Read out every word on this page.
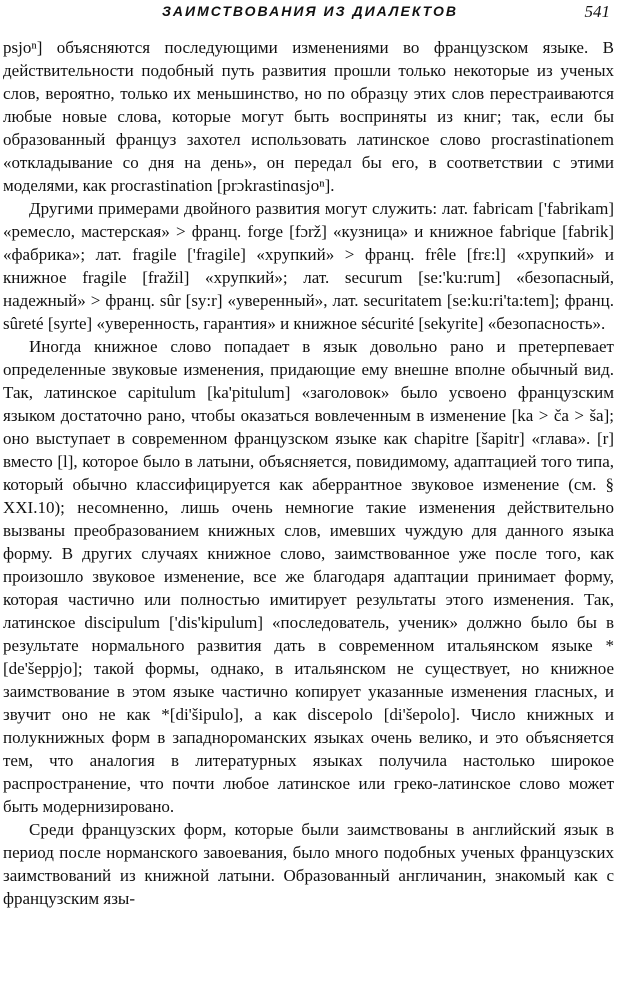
ЗАИМСТВОВАНИЯ ИЗ ДИАЛЕКТОВ	541

psjoⁿ] объясняются последующими изменениями во французском языке. В действительности подобный путь развития прошли только некоторые из ученых слов, вероятно, только их меньшинство, но по образцу этих слов перестраиваются любые новые слова, которые могут быть восприняты из книг; так, если бы образованный француз захотел использовать латинское слово procrastinationem «откладывание со дня на день», он передал бы его, в соответствии с этими моделями, как procrastination [prɔkrastinɑsjoⁿ].

Другими примерами двойного развития могут служить: лат. fabricam ['fabrikam] «ремесло, мастерская» > франц. forge [fɔrž] «кузница» и книжное fabrique [fabrik] «фабрика»; лат. fragile ['fragile] «хрупкий» > франц. frêle [frɛ:l] «хрупкий» и книжное fragile [fražil] «хрупкий»; лат. securum [se:'ku:rum] «безопасный, надежный» > франц. sûr [sy:r] «уверенный», лат. securitatem [se:ku:ri'ta:tem]; франц. sûreté [syrte] «уверенность, гарантия» и книжное sécurité [sekyrite] «безопасность».

Иногда книжное слово попадает в язык довольно рано и претерпевает определенные звуковые изменения, придающие ему внешне вполне обычный вид. Так, латинское capitulum [ka'pitulum] «заголовок» было усвоено французским языком достаточно рано, чтобы оказаться вовлеченным в изменение [ka > ča > šа]; оно выступает в современном французском языке как chapitre [šapitr] «глава». [r] вместо [l], которое было в латыни, объясняется, повидимому, адаптацией того типа, который обычно классифицируется как аберрантное звуковое изменение (см. § XXI.10); несомненно, лишь очень немногие такие изменения действительно вызваны преобразованием книжных слов, имевших чуждую для данного языка форму. В других случаях книжное слово, заимствованное уже после того, как произошло звуковое изменение, все же благодаря адаптации принимает форму, которая частично или полностью имитирует результаты этого изменения. Так, латинское discipulum ['dis'kipulum] «последователь, ученик» должно было бы в результате нормального развития дать в современном итальянском языке *[de'šeppjo]; такой формы, однако, в итальянском не существует, но книжное заимствование в этом языке частично копирует указанные изменения гласных, и звучит оно не как *[di'šipulo], а как discepolo [di'šepolo]. Число книжных и полукнижных форм в западнороманских языках очень велико, и это объясняется тем, что аналогия в литературных языках получила настолько широкое распространение, что почти любое латинское или греко-латинское слово может быть модернизировано.

Среди французских форм, которые были заимствованы в английский язык в период после норманского завоевания, было много подобных ученых французских заимствований из книжной латыни. Образованный англичанин, знакомый как с французским язы-
